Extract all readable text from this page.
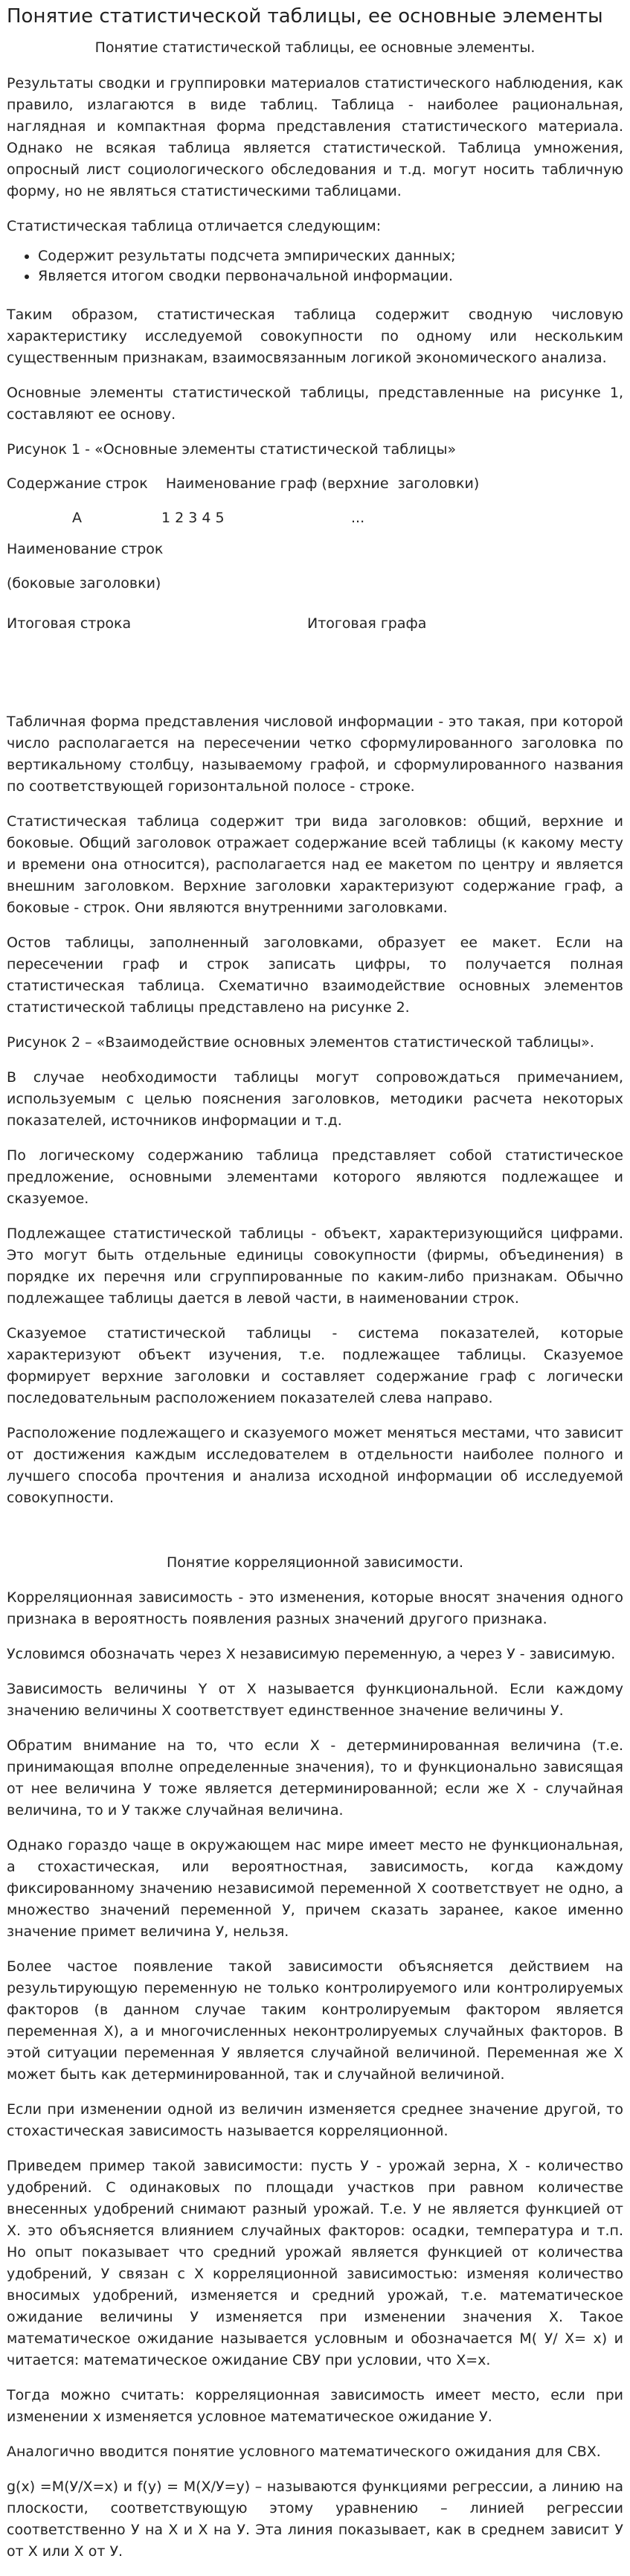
Понятие статистической таблицы, ее основные элементы
Понятие статистической таблицы, ее основные элементы.

Результаты сводки и группировки материалов статистического наблюдения, как правило, излагаются в виде таблиц. Таблица - наиболее рациональная, наглядная и компактная форма представления статистического материала. Однако не всякая таблица является статистической. Таблица умножения, опросный лист социологического обследования и т.д. могут носить табличную форму, но не являться статистическими таблицами.

Статистическая таблица отличается следующим:

• Содержит результаты подсчета эмпирических данных;
• Является итогом сводки первоначальной информации.

Таким образом, статистическая таблица содержит сводную числовую характеристику исследуемой совокупности по одному или нескольким существенным признакам, взаимосвязанным логикой экономического анализа.

Основные элементы статистической таблицы, представленные на рисунке 1, составляют ее основу.

Рисунок 1 - «Основные элементы статистической таблицы»
Содержание строк    Наименование граф (верхние  заголовки)
А	1 2 3 4 5	...
Наименование строк
(боковые заголовки)
Итоговая строка	Итоговая графа

Табличная форма представления числовой информации - это такая, при которой число располагается на пересечении четко сформулированного заголовка по вертикальному столбцу, называемому графой, и сформулированного названия по соответствующей горизонтальной полосе - строке.

Статистическая таблица содержит три вида заголовков: общий, верхние и боковые. Общий заголовок отражает содержание всей таблицы (к какому месту и времени она относится), располагается над ее макетом по центру и является внешним заголовком. Верхние заголовки характеризуют содержание граф, а боковые - строк. Они являются внутренними заголовками.

Остов таблицы, заполненный заголовками, образует ее макет. Если на пересечении граф и строк записать цифры, то получается полная статистическая таблица. Схематично взаимодействие основных элементов статистической таблицы представлено на рисунке 2.

Рисунок 2 – «Взаимодействие основных элементов статистической таблицы».

В случае необходимости таблицы могут сопровождаться примечанием, используемым с целью пояснения заголовков, методики расчета некоторых показателей, источников информации и т.д.

По логическому содержанию таблица представляет собой статистическое предложение, основными элементами которого являются подлежащее и сказуемое.

Подлежащее статистической таблицы - объект, характеризующийся цифрами. Это могут быть отдельные единицы совокупности (фирмы, объединения) в порядке их перечня или сгруппированные по каким-либо признакам. Обычно подлежащее таблицы дается в левой части, в наименовании строк.

Сказуемое статистической таблицы - система показателей, которые характеризуют объект изучения, т.е. подлежащее таблицы. Сказуемое формирует верхние заголовки и составляет содержание граф с логически последовательным расположением показателей слева направо.

Расположение подлежащего и сказуемого может меняться местами, что зависит от достижения каждым исследователем в отдельности наиболее полного и лучшего способа прочтения и анализа исходной информации об исследуемой совокупности.

Понятие корреляционной зависимости.

Корреляционная зависимость - это изменения, которые вносят значения одного признака в вероятность появления разных значений другого признака.

Условимся обозначать через Х независимую переменную, а через У - зависимую.

Зависимость величины Y от X называется функциональной. Если каждому значению величины Х соответствует единственное значение величины У.

Обратим внимание на то, что если Х - детерминированная величина (т.е. принимающая вполне определенные значения), то и функционально зависящая от нее величина У тоже является детерминированной; если же Х - случайная величина, то и У также случайная величина.

Однако гораздо чаще в окружающем нас мире имеет место не функциональная, а стохастическая, или вероятностная, зависимость, когда каждому фиксированному значению независимой переменной Х соответствует не одно, а множество значений переменной У, причем сказать заранее, какое именно значение примет величина У, нельзя.

Более частое появление такой зависимости объясняется действием на результирующую переменную не только контролируемого или контролируемых факторов (в данном случае таким контролируемым фактором является переменная Х), а и многочисленных неконтролируемых случайных факторов. В этой ситуации переменная У является случайной величиной. Переменная же Х может быть как детерминированной, так и случайной величиной.

Если при изменении одной из величин изменяется среднее значение другой, то стохастическая зависимость называется корреляционной.

Приведем пример такой зависимости: пусть У - урожай зерна, Х - количество удобрений. С одинаковых по площади участков при равном количестве внесенных удобрений снимают разный урожай. Т.е. У не является функцией от Х. это объясняется влиянием случайных факторов: осадки, температура и т.п. Но опыт показывает что средний урожай является функцией от количества удобрений, У связан с Х корреляционной зависимостью: изменяя количество вносимых удобрений, изменяется и средний урожай, т.е. математическое ожидание величины У изменяется при изменении значения Х. Такое математическое ожидание называется условным и обозначается М( У/ Х= х) и читается: математическое ожидание СВУ при условии, что Х=х.

Тогда можно считать: корреляционная зависимость имеет место, если при изменении х изменяется условное математическое ожидание У.

Аналогично вводится понятие условного математического ожидания для СВХ.

g(x) =M(У/Х=х) и f(y) = M(Х/У=у) – называются функциями регрессии, а линию на плоскости, соответствующую этому уравнению – линией регрессии соответственно У на Х и Х на У. Эта линия показывает, как в среднем зависит У от Х или Х от У.
